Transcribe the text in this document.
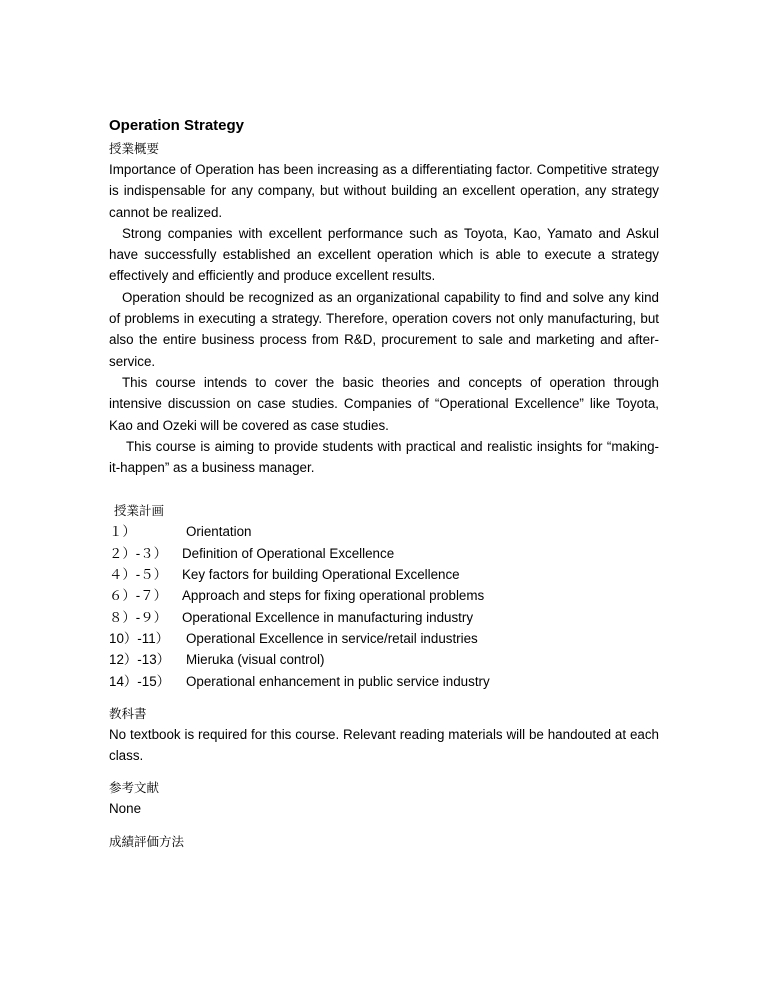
Operation Strategy
授業概要

Importance of Operation has been increasing as a differentiating factor. Competitive strategy is indispensable for any company, but without building an excellent operation, any strategy cannot be realized.

Strong companies with excellent performance such as Toyota, Kao, Yamato and Askul have successfully established an excellent operation which is able to execute a strategy effectively and efficiently and produce excellent results.

Operation should be recognized as an organizational capability to find and solve any kind of problems in executing a strategy. Therefore, operation covers not only manufacturing, but also the entire business process from R&D, procurement to sale and marketing and after-service.

This course intends to cover the basic theories and concepts of operation through intensive discussion on case studies. Companies of “Operational Excellence” like Toyota, Kao and Ozeki will be covered as case studies.

This course is aiming to provide students with practical and realistic insights for “making-it-happen” as a business manager.

授業計画
１）	Orientation
２）-３）	Definition of Operational Excellence
４）-５）	Key factors for building Operational Excellence
６）-７）	Approach and steps for fixing operational problems
８）-９）	Operational Excellence in manufacturing industry
10）-11）	Operational Excellence in service/retail industries
12）-13）	Mieruka (visual control)
14）-15）	Operational enhancement in public service industry
教科書

No textbook is required for this course. Relevant reading materials will be handouted at each class.

参考文献

None

成績評価方法
